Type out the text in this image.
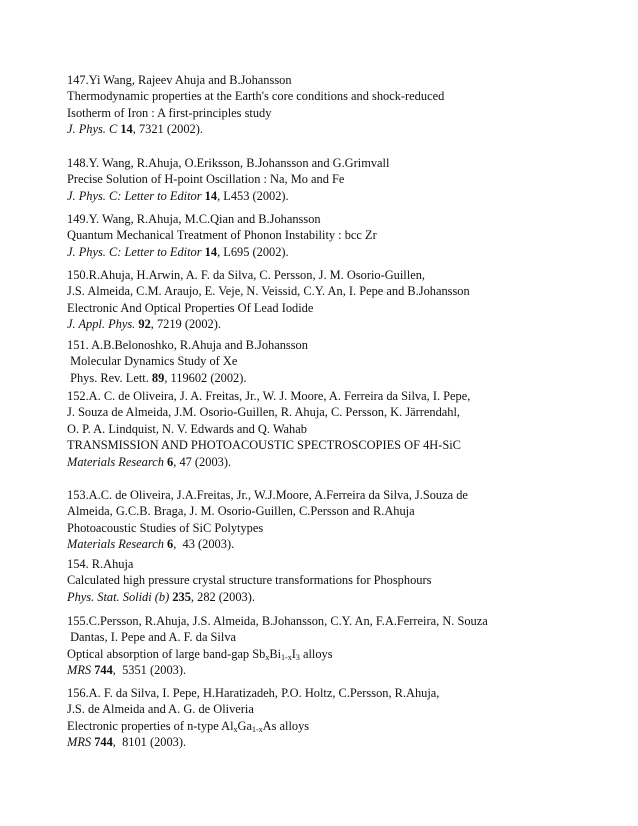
147.Yi Wang, Rajeev Ahuja and B.Johansson
Thermodynamic properties at the Earth's core conditions and shock-reduced
Isotherm of Iron : A first-principles study
J. Phys. C 14, 7321 (2002).
148.Y. Wang, R.Ahuja, O.Eriksson, B.Johansson and G.Grimvall
Precise Solution of H-point Oscillation : Na, Mo and Fe
J. Phys. C: Letter to Editor 14, L453 (2002).
149.Y. Wang, R.Ahuja, M.C.Qian and B.Johansson
Quantum Mechanical Treatment of Phonon Instability : bcc Zr
J. Phys. C: Letter to Editor 14, L695 (2002).
150.R.Ahuja, H.Arwin, A. F. da Silva, C. Persson, J. M. Osorio-Guillen,
J.S. Almeida, C.M. Araujo, E. Veje, N. Veissid, C.Y. An, I. Pepe and B.Johansson
Electronic And Optical Properties Of Lead Iodide
J. Appl. Phys. 92, 7219 (2002).
151. A.B.Belonoshko, R.Ahuja and B.Johansson
Molecular Dynamics Study of Xe
Phys. Rev. Lett. 89, 119602 (2002).
152.A. C. de Oliveira, J. A. Freitas, Jr., W. J. Moore, A. Ferreira da Silva, I. Pepe,
J. Souza de Almeida, J.M. Osorio-Guillen, R. Ahuja, C. Persson, K. Järrendahl,
O. P. A. Lindquist, N. V. Edwards and Q. Wahab
TRANSMISSION AND PHOTOACOUSTIC SPECTROSCOPIES OF 4H-SiC
Materials Research 6, 47 (2003).
153.A.C. de Oliveira, J.A.Freitas, Jr., W.J.Moore, A.Ferreira da Silva, J.Souza de
Almeida, G.C.B. Braga, J. M. Osorio-Guillen, C.Persson and R.Ahuja
Photoacoustic Studies of SiC Polytypes
Materials Research 6,  43 (2003).
154. R.Ahuja
Calculated high pressure crystal structure transformations for Phosphours
Phys. Stat. Solidi (b) 235, 282 (2003).
155.C.Persson, R.Ahuja, J.S. Almeida, B.Johansson, C.Y. An, F.A.Ferreira, N. Souza
Dantas, I. Pepe and A. F. da Silva
Optical absorption of large band-gap $Sb_xBi_{1-x}I_3$ alloys
MRS 744,  5351 (2003).
156.A. F. da Silva, I. Pepe, H.Haratizadeh, P.O. Holtz, C.Persson, R.Ahuja,
J.S. de Almeida and A. G. de Oliveria
Electronic properties of n-type $Al_xGa_{1-x}As$ alloys
MRS 744,  8101 (2003).
